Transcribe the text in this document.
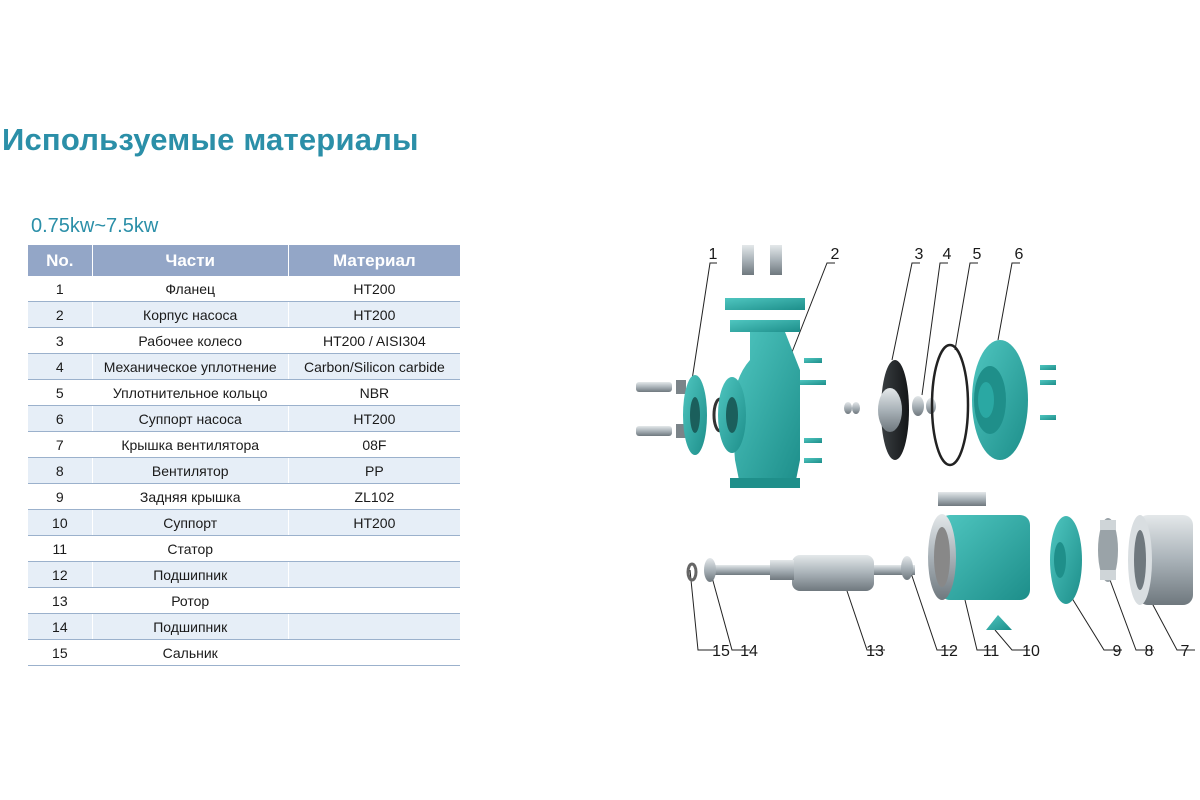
Используемые материалы
0.75kw~7.5kw
No.	Части	Материал
1	Фланец	HT200
2	Корпус насоса	HT200
3	Рабочее колесо	HT200 / AISI304
4	Механическое уплотнение	Carbon/Silicon carbide
5	Уплотнительное кольцо	NBR
6	Суппорт насоса	HT200
7	Крышка вентилятора	08F
8	Вентилятор	PP
9	Задняя крышка	ZL102
10	Суппорт	HT200
11	Статор	
12	Подшипник	
13	Ротор	
14	Подшипник	
15	Сальник	
1	2	3	4	5	6
15 14	13	12	11	10	9	8	7
